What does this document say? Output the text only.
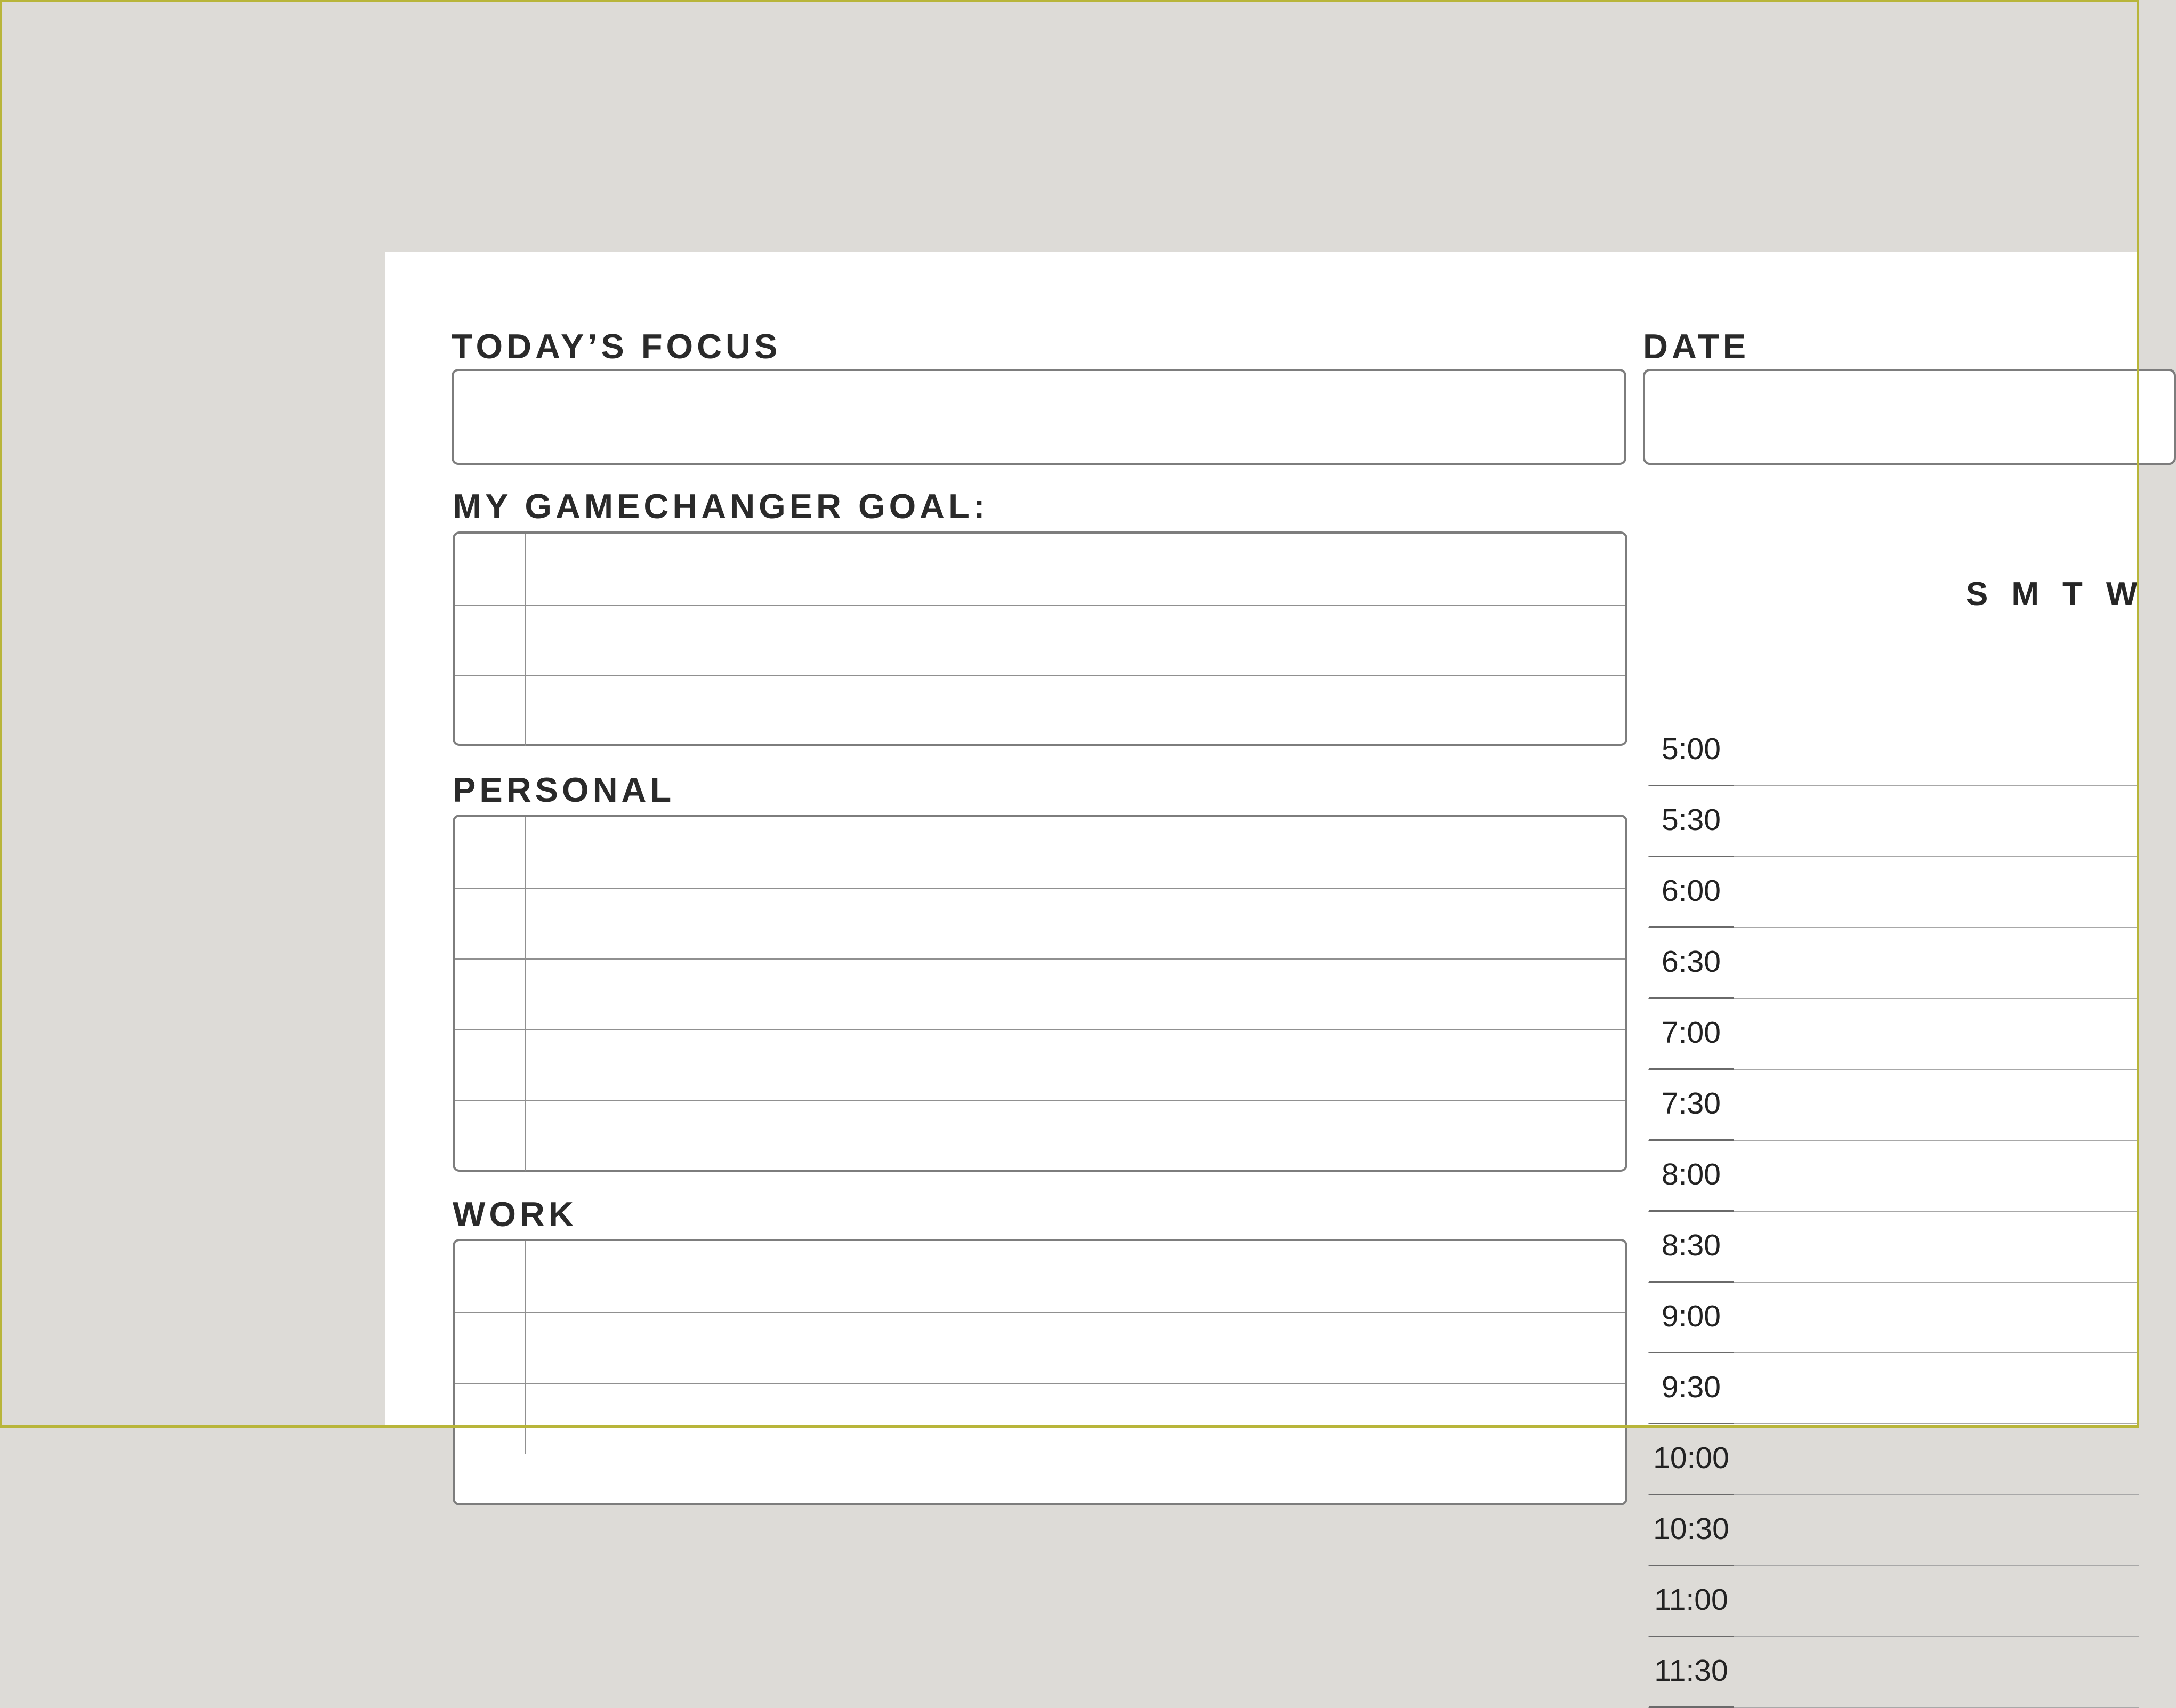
TODAY’S FOCUS	DATE
S M T W
MY GAMECHANGER GOAL:
PERSONAL
WORK
5:00
5:30
6:00
6:30
7:00
7:30
8:00
8:30
9:00
9:30
10:00
10:30
11:00
11:30
